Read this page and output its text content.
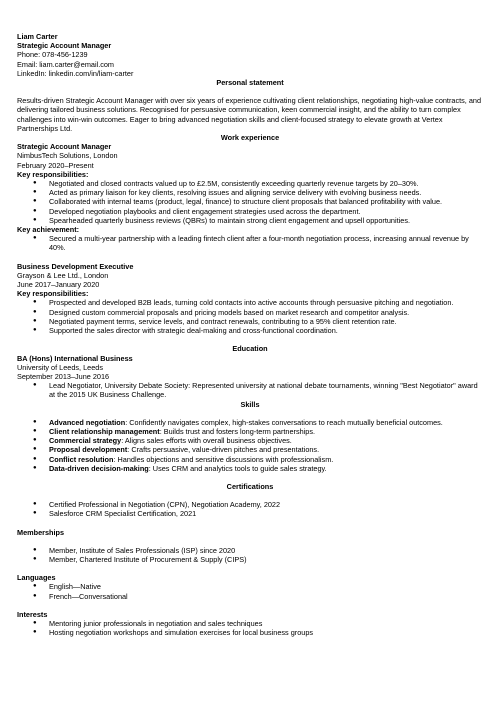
Liam Carter

Strategic Account Manager

Phone: 078-456-1239

Email: liam.carter@email.com

LinkedIn: linkedin.com/in/liam-carter

Personal statement

Results-driven Strategic Account Manager with over six years of experience cultivating client relationships, negotiating high-value contracts, and delivering tailored business solutions. Recognised for persuasive communication, keen commercial insight, and the ability to turn complex challenges into win-win outcomes. Eager to bring advanced negotiation skills and client-focused strategy to elevate growth at Vertex Partnerships Ltd.

Work experience

Strategic Account Manager

NimbusTech Solutions, London

February 2020–Present

Key responsibilities:

● Negotiated and closed contracts valued up to £2.5M, consistently exceeding quarterly revenue targets by 20–30%.
● Acted as primary liaison for key clients, resolving issues and aligning service delivery with evolving business needs.
● Collaborated with internal teams (product, legal, finance) to structure client proposals that balanced profitability with value.
● Developed negotiation playbooks and client engagement strategies used across the department.
● Spearheaded quarterly business reviews (QBRs) to maintain strong client engagement and upsell opportunities.

Key achievement:

● Secured a multi-year partnership with a leading fintech client after a four-month negotiation process, increasing annual revenue by 40%.

Business Development Executive

Grayson & Lee Ltd., London

June 2017–January 2020

Key responsibilities:

● Prospected and developed B2B leads, turning cold contacts into active accounts through persuasive pitching and negotiation.
● Designed custom commercial proposals and pricing models based on market research and competitor analysis.
● Negotiated payment terms, service levels, and contract renewals, contributing to a 95% client retention rate.
● Supported the sales director with strategic deal-making and cross-functional coordination.

Education

BA (Hons) International Business

University of Leeds, Leeds

September 2013–June 2016

● Lead Negotiator, University Debate Society: Represented university at national debate tournaments, winning "Best Negotiator" award at the 2015 UK Business Challenge.

Skills

● Advanced negotiation: Confidently navigates complex, high-stakes conversations to reach mutually beneficial outcomes.
● Client relationship management: Builds trust and fosters long-term partnerships.
● Commercial strategy: Aligns sales efforts with overall business objectives.
● Proposal development: Crafts persuasive, value-driven pitches and presentations.
● Conflict resolution: Handles objections and sensitive discussions with professionalism.
● Data-driven decision-making: Uses CRM and analytics tools to guide sales strategy.

Certifications

● Certified Professional in Negotiation (CPN), Negotiation Academy, 2022
● Salesforce CRM Specialist Certification, 2021

Memberships

● Member, Institute of Sales Professionals (ISP) since 2020
● Member, Chartered Institute of Procurement & Supply (CIPS)

Languages

● English—Native
● French—Conversational

Interests

● Mentoring junior professionals in negotiation and sales techniques
● Hosting negotiation workshops and simulation exercises for local business groups
